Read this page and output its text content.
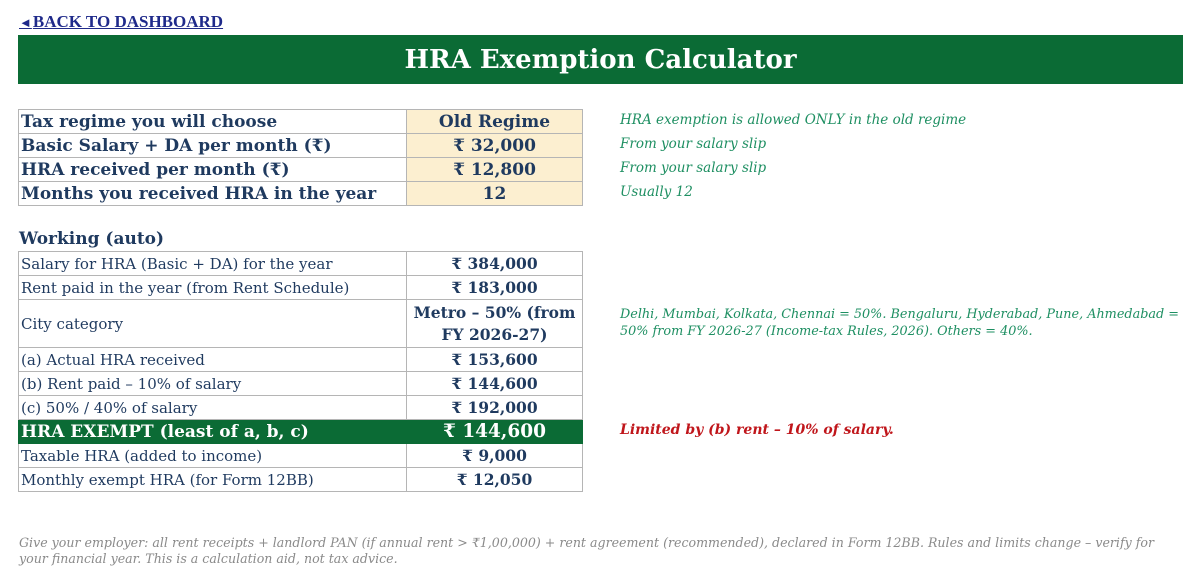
◄BACK TO DASHBOARD
HRA Exemption Calculator
Tax regime you will choose	Old Regime
Basic Salary + DA per month (₹)	₹ 32,000
HRA received per month (₹)	₹ 12,800
Months you received HRA in the year	12
HRA exemption is allowed ONLY in the old regime
From your salary slip
From your salary slip
Usually 12
Working (auto)
Salary for HRA (Basic + DA) for the year	₹ 384,000
Rent paid in the year (from Rent Schedule)	₹ 183,000
City category	Metro – 50% (from FY 2026-27)
(a) Actual HRA received	₹ 153,600
(b) Rent paid – 10% of salary	₹ 144,600
(c) 50% / 40% of salary	₹ 192,000
HRA EXEMPT (least of a, b, c)	₹ 144,600
Taxable HRA (added to income)	₹ 9,000
Monthly exempt HRA (for Form 12BB)	₹ 12,050
Delhi, Mumbai, Kolkata, Chennai = 50%. Bengaluru, Hyderabad, Pune, Ahmedabad = 50% from FY 2026-27 (Income-tax Rules, 2026). Others = 40%.
Limited by (b) rent – 10% of salary.
Give your employer: all rent receipts + landlord PAN (if annual rent > ₹1,00,000) + rent agreement (recommended), declared in Form 12BB. Rules and limits change – verify for your financial year. This is a calculation aid, not tax advice.
